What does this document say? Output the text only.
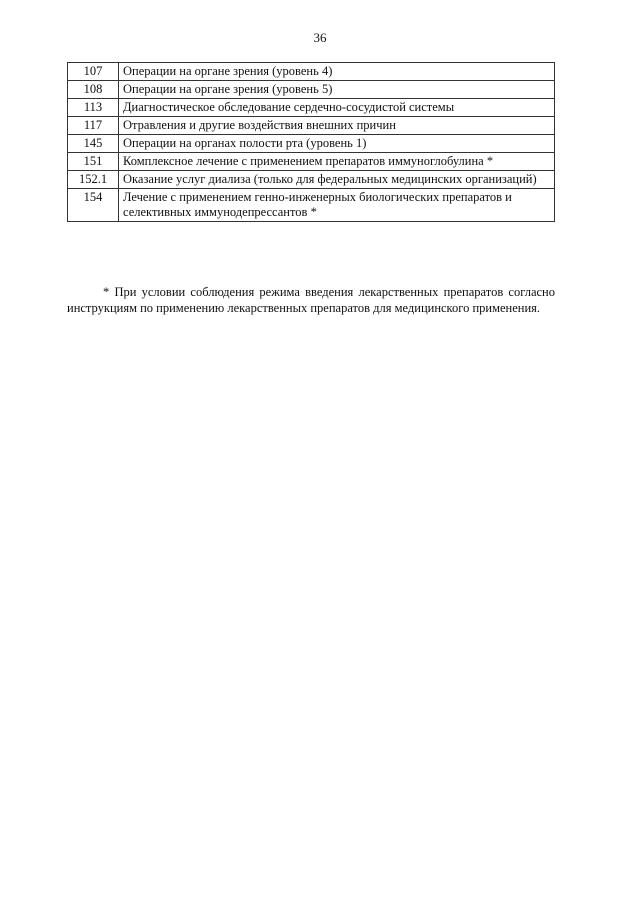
36
107	Операции на органе зрения (уровень 4)
108	Операции на органе зрения (уровень 5)
113	Диагностическое обследование сердечно-сосудистой системы
117	Отравления и другие воздействия внешних причин
145	Операции на органах полости рта (уровень 1)
151	Комплексное лечение с применением препаратов иммуноглобулина *
152.1	Оказание услуг диализа (только для федеральных медицинских организаций)
154	Лечение с применением генно-инженерных биологических препаратов и селективных иммунодепрессантов *

* При условии соблюдения режима введения лекарственных препаратов согласно инструкциям по применению лекарственных препаратов для медицинского применения.
